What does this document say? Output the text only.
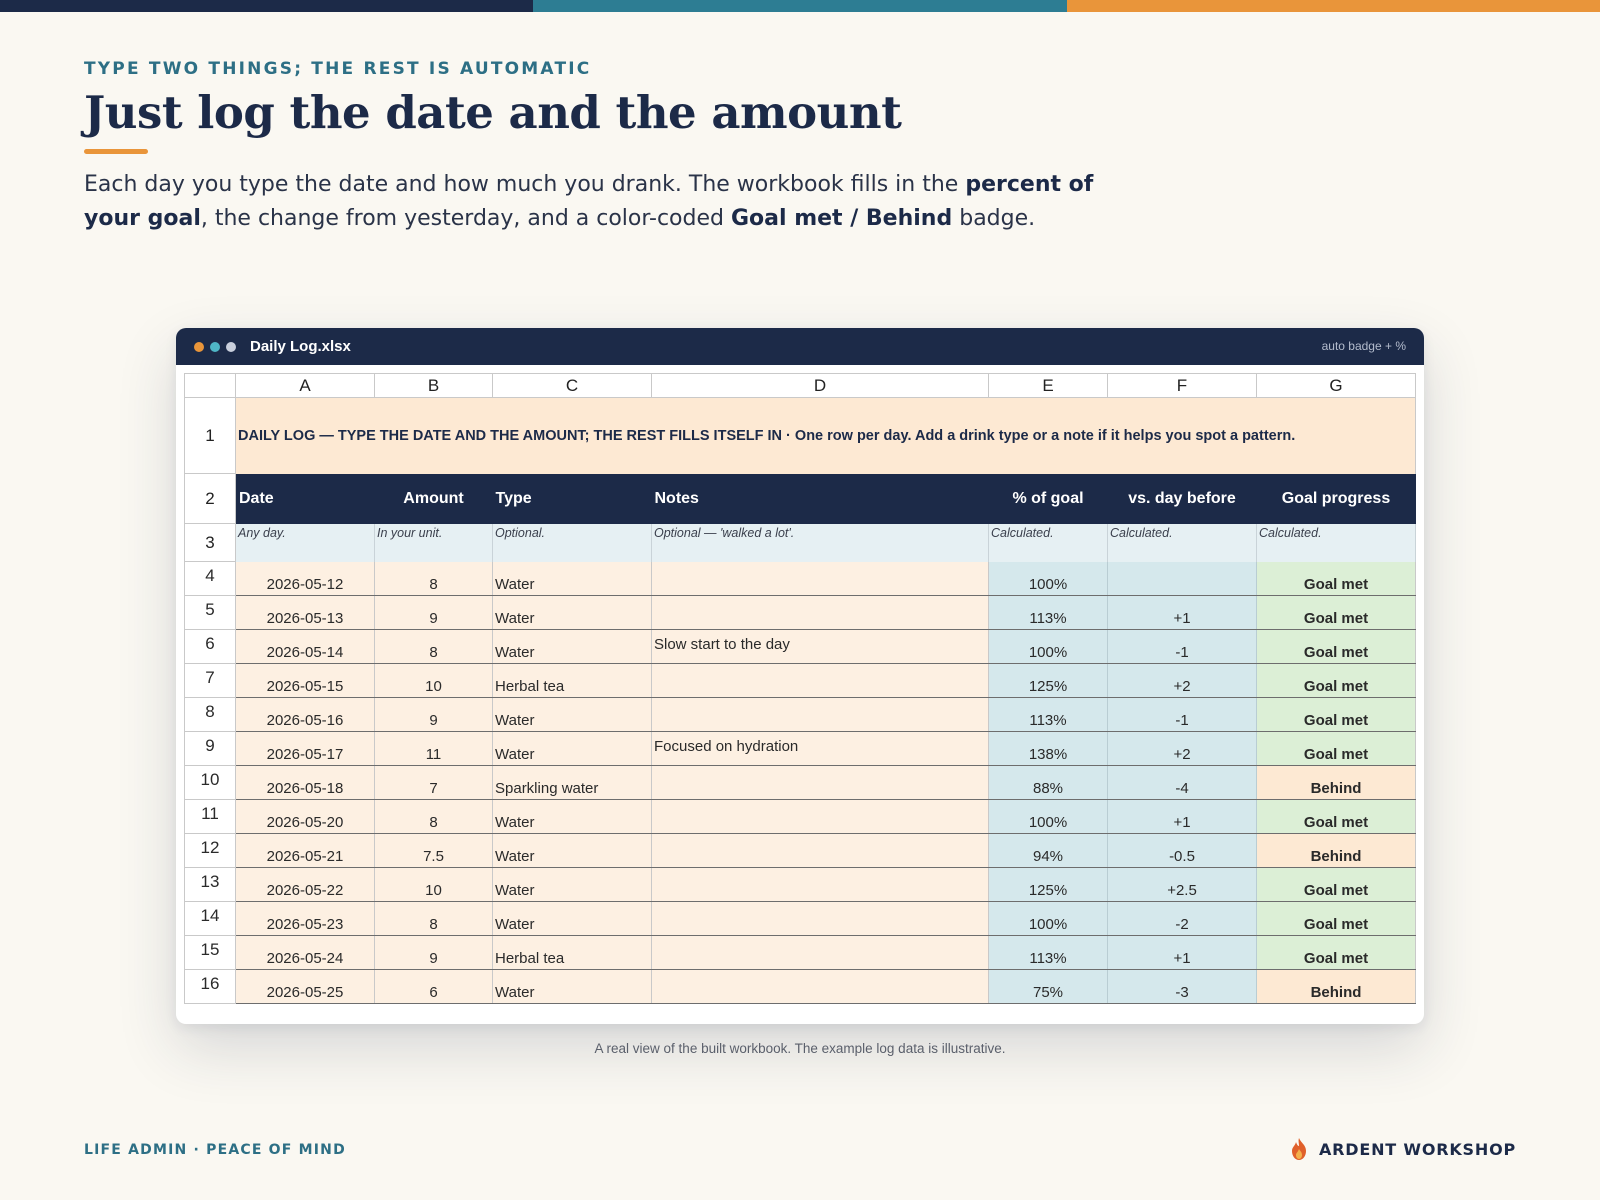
TYPE TWO THINGS; THE REST IS AUTOMATIC
Just log the date and the amount

Each day you type the date and how much you drank. The workbook fills in the percent of your goal, the change from yesterday, and a color-coded Goal met / Behind badge.

Daily Log.xlsx	auto badge + %
	A	B	C	D	E	F	G
1	DAILY LOG — TYPE THE DATE AND THE AMOUNT; THE REST FILLS ITSELF IN · One row per day. Add a drink type or a note if it helps you spot a pattern.						
2	Date	Amount	Type	Notes	% of goal	vs. day before	Goal progress
3	Any day.	In your unit.	Optional.	Optional — 'walked a lot'.	Calculated.	Calculated.	Calculated.
4	2026-05-12	8	Water		100%		Goal met
5	2026-05-13	9	Water		113%	+1	Goal met
6	2026-05-14	8	Water	Slow start to the day	100%	-1	Goal met
7	2026-05-15	10	Herbal tea		125%	+2	Goal met
8	2026-05-16	9	Water		113%	-1	Goal met
9	2026-05-17	11	Water	Focused on hydration	138%	+2	Goal met
10	2026-05-18	7	Sparkling water		88%	-4	Behind
11	2026-05-20	8	Water		100%	+1	Goal met
12	2026-05-21	7.5	Water		94%	-0.5	Behind
13	2026-05-22	10	Water		125%	+2.5	Goal met
14	2026-05-23	8	Water		100%	-2	Goal met
15	2026-05-24	9	Herbal tea		113%	+1	Goal met
16	2026-05-25	6	Water		75%	-3	Behind
A real view of the built workbook. The example log data is illustrative.
LIFE ADMIN · PEACE OF MIND	ARDENT WORKSHOP
